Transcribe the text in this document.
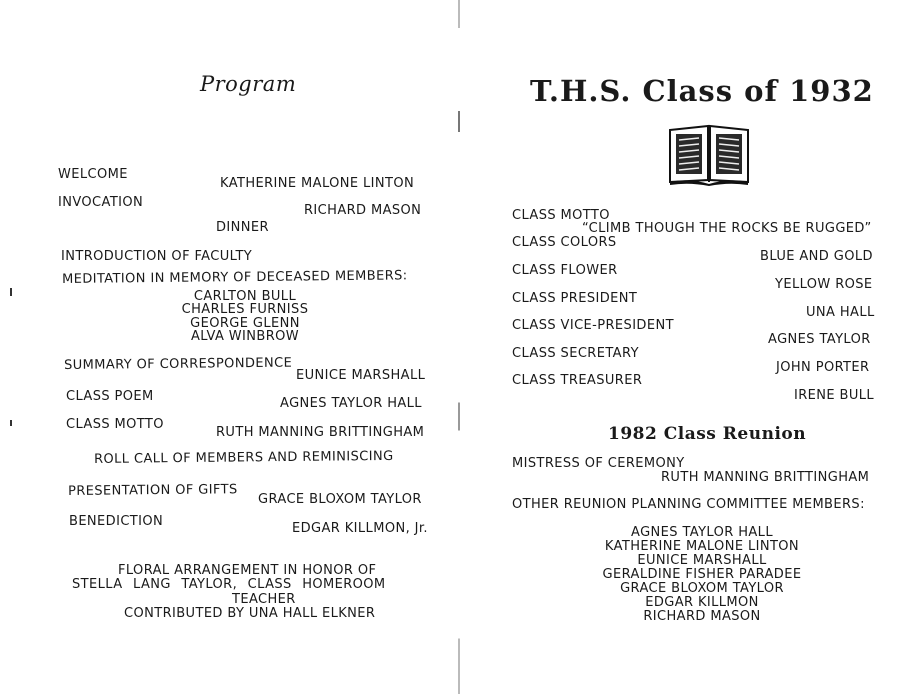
Program
WELCOME
KATHERINE MALONE LINTON
INVOCATION
RICHARD MASON
DINNER
INTRODUCTION OF FACULTY
MEDITATION IN MEMORY OF DECEASED MEMBERS:
CARLTON BULL
CHARLES FURNISS
GEORGE GLENN
ALVA WINBROW
SUMMARY OF CORRESPONDENCE
EUNICE MARSHALL
CLASS POEM	AGNES TAYLOR HALL
CLASS MOTTO
RUTH MANNING BRITTINGHAM
ROLL CALL OF MEMBERS AND REMINISCING
PRESENTATION OF GIFTS
GRACE BLOXOM TAYLOR
BENEDICTION	EDGAR KILLMON, Jr.
FLORAL ARRANGEMENT IN HONOR OF
STELLA LANG TAYLOR, CLASS HOMEROOM
TEACHER
CONTRIBUTED BY UNA HALL ELKNER
T.H.S. Class of 1932
CLASS MOTTO
“CLIMB THOUGH THE ROCKS BE RUGGED”
CLASS COLORS
BLUE AND GOLD
CLASS FLOWER
YELLOW ROSE
CLASS PRESIDENT
UNA HALL
CLASS VICE-PRESIDENT
AGNES TAYLOR
CLASS SECRETARY
JOHN PORTER
CLASS TREASURER
IRENE BULL
1982 Class Reunion
MISTRESS OF CEREMONY
RUTH MANNING BRITTINGHAM
OTHER REUNION PLANNING COMMITTEE MEMBERS:
AGNES TAYLOR HALL
KATHERINE MALONE LINTON
EUNICE MARSHALL
GERALDINE FISHER PARADEE
GRACE BLOXOM TAYLOR
EDGAR KILLMON
RICHARD MASON
